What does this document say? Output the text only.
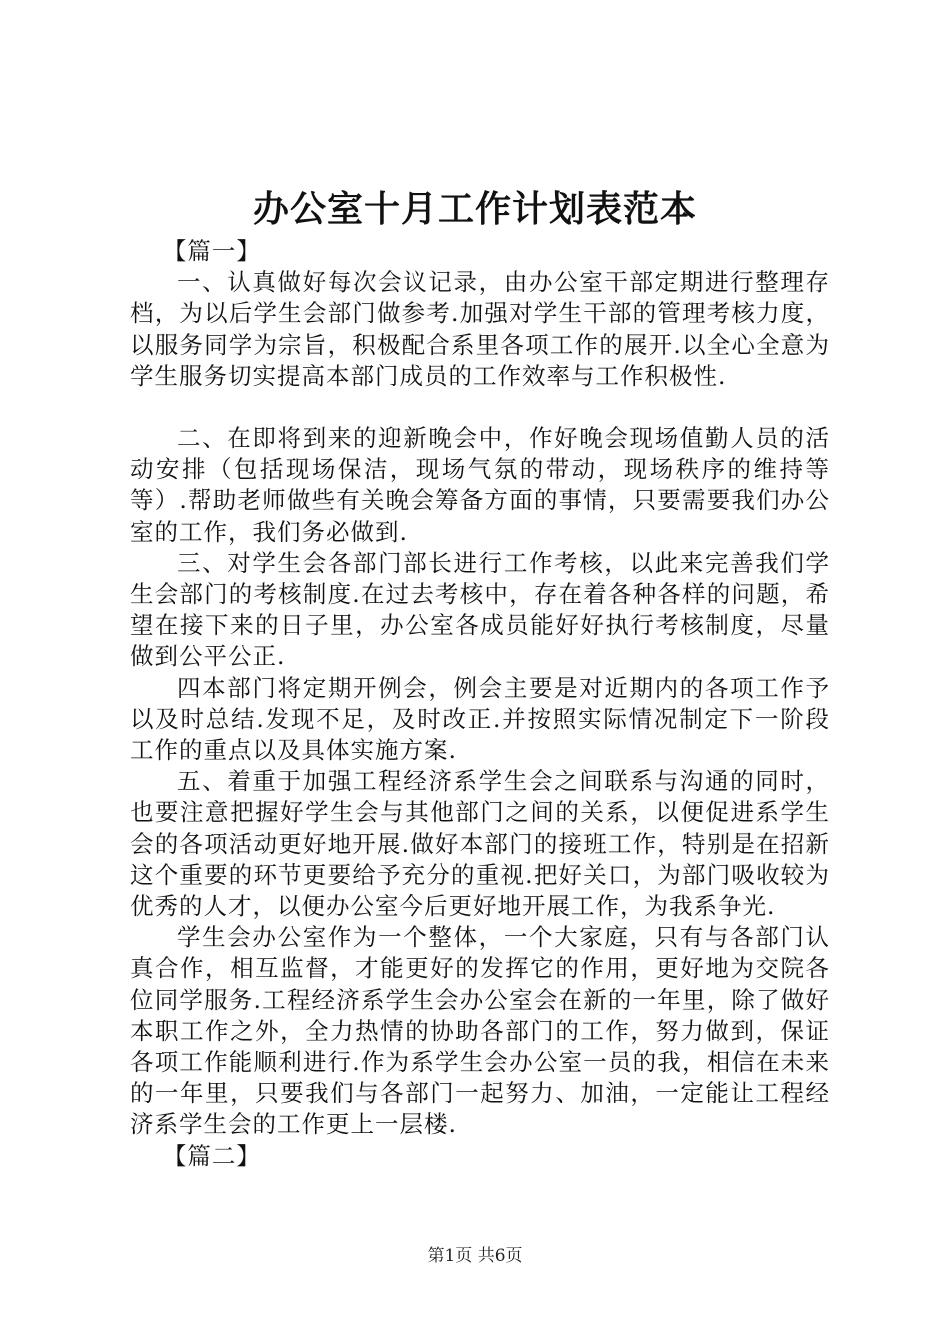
办公室十月工作计划表范本

【篇一】

一、认真做好每次会议记录，由办公室干部定期进行整理存档，为以后学生会部门做参考.加强对学生干部的管理考核力度，以服务同学为宗旨，积极配合系里各项工作的展开.以全心全意为学生服务切实提高本部门成员的工作效率与工作积极性.

二、在即将到来的迎新晚会中，作好晚会现场值勤人员的活动安排（包括现场保洁，现场气氛的带动，现场秩序的维持等等）.帮助老师做些有关晚会筹备方面的事情，只要需要我们办公室的工作，我们务必做到.

三、对学生会各部门部长进行工作考核，以此来完善我们学生会部门的考核制度.在过去考核中，存在着各种各样的问题，希望在接下来的日子里，办公室各成员能好好执行考核制度，尽量做到公平公正.

四本部门将定期开例会，例会主要是对近期内的各项工作予以及时总结.发现不足，及时改正.并按照实际情况制定下一阶段工作的重点以及具体实施方案.

五、着重于加强工程经济系学生会之间联系与沟通的同时，也要注意把握好学生会与其他部门之间的关系，以便促进系学生会的各项活动更好地开展.做好本部门的接班工作，特别是在招新这个重要的环节更要给予充分的重视.把好关口，为部门吸收较为优秀的人才，以便办公室今后更好地开展工作，为我系争光.

学生会办公室作为一个整体，一个大家庭，只有与各部门认真合作，相互监督，才能更好的发挥它的作用，更好地为交院各位同学服务.工程经济系学生会办公室会在新的一年里，除了做好本职工作之外，全力热情的协助各部门的工作，努力做到，保证各项工作能顺利进行.作为系学生会办公室一员的我，相信在未来的一年里，只要我们与各部门一起努力、加油，一定能让工程经济系学生会的工作更上一层楼.

【篇二】

第1页 共6页
